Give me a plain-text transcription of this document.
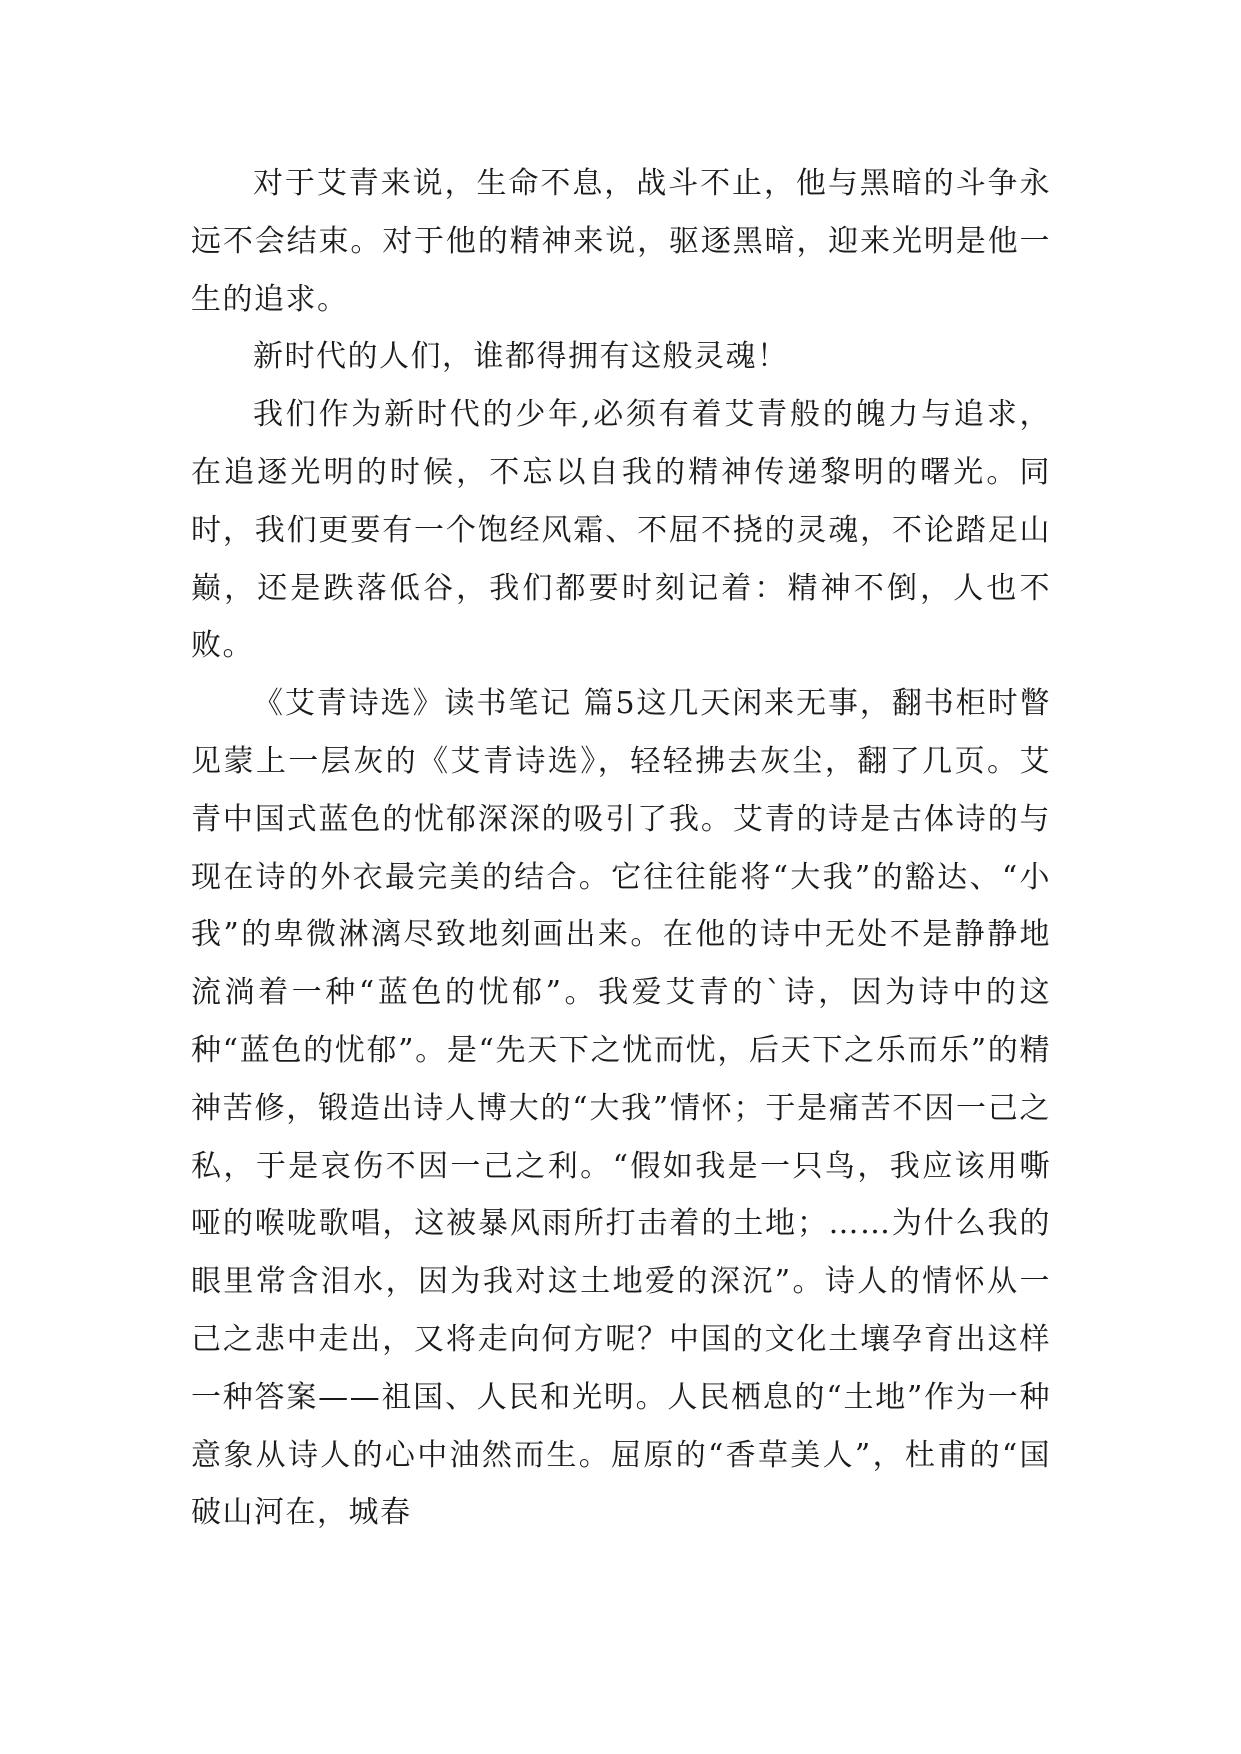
对于艾青来说，生命不息，战斗不止，他与黑暗的斗争永远不会结束。对于他的精神来说，驱逐黑暗，迎来光明是他一生的追求。

新时代的人们，谁都得拥有这般灵魂！

我们作为新时代的少年,必须有着艾青般的魄力与追求，在追逐光明的时候，不忘以自我的精神传递黎明的曙光。同时，我们更要有一个饱经风霜、不屈不挠的灵魂，不论踏足山巅，还是跌落低谷，我们都要时刻记着：精神不倒，人也不败。

《艾青诗选》读书笔记 篇5这几天闲来无事，翻书柜时瞥见蒙上一层灰的《艾青诗选》，轻轻拂去灰尘，翻了几页。艾青中国式蓝色的忧郁深深的吸引了我。艾青的诗是古体诗的与现在诗的外衣最完美的结合。它往往能将“大我”的豁达、“小我”的卑微淋漓尽致地刻画出来。在他的诗中无处不是静静地流淌着一种“蓝色的忧郁”。我爱艾青的`诗，因为诗中的这种“蓝色的忧郁”。是“先天下之忧而忧，后天下之乐而乐”的精神苦修，锻造出诗人博大的“大我”情怀；于是痛苦不因一己之私，于是哀伤不因一己之利。“假如我是一只鸟，我应该用嘶哑的喉咙歌唱，这被暴风雨所打击着的土地；……为什么我的眼里常含泪水，因为我对这土地爱的深沉”。诗人的情怀从一己之悲中走出，又将走向何方呢？中国的文化土壤孕育出这样一种答案——祖国、人民和光明。人民栖息的“土地”作为一种意象从诗人的心中油然而生。屈原的“香草美人”，杜甫的“国破山河在，城春
